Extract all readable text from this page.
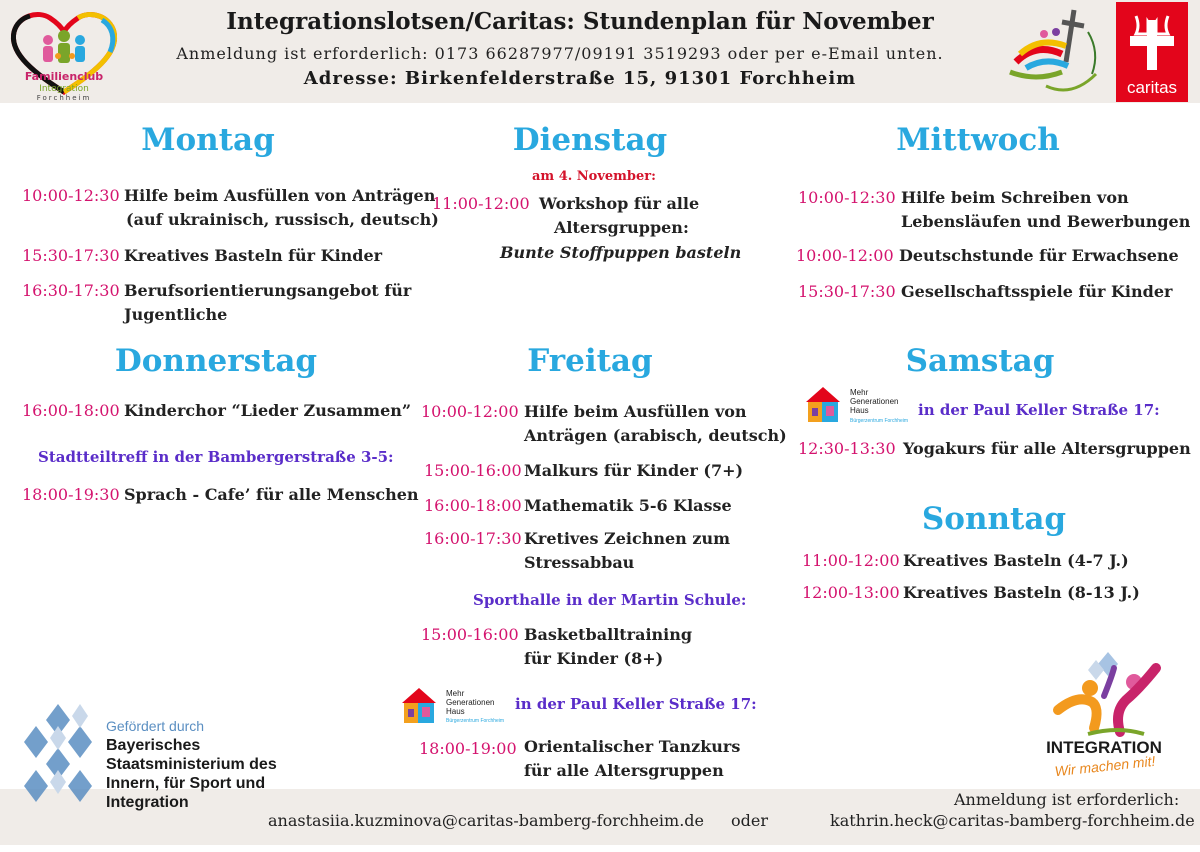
Familienclub
Integration
Forchheim
Integrationslotsen/Caritas: Stundenplan für November
Anmeldung ist erforderlich: 0173 66287977/09191 3519293 oder per e-Email unten.
Adresse: Birkenfelderstraße 15, 91301 Forchheim	caritas
Montag
10:00-12:30 Hilfe beim Ausfüllen von Anträgen
(auf ukrainisch, russisch, deutsch)
15:30-17:30 Kreatives Basteln für Kinder
16:30-17:30 Berufsorientierungsangebot für
Jugentliche
Dienstag
am 4. November:
11:00-12:00 Workshop für alle
Altersgruppen:
Bunte Stoffpuppen basteln
Mittwoch
10:00-12:30 Hilfe beim Schreiben von
Lebensläufen und Bewerbungen
10:00-12:00 Deutschstunde für Erwachsene
15:30-17:30 Gesellschaftsspiele für Kinder
Donnerstag
16:00-18:00 Kinderchor “Lieder Zusammen”
Stadtteiltreff in der Bambergerstraße 3-5:
18:00-19:30 Sprach - Cafe’ für alle Menschen
Freitag
10:00-12:00 Hilfe beim Ausfüllen von
Anträgen (arabisch, deutsch)
15:00-16:00 Malkurs für Kinder (7+)
16:00-18:00 Mathematik 5-6 Klasse
16:00-17:30 Kretives Zeichnen zum
Stressabbau
Sporthalle in der Martin Schule:
15:00-16:00 Basketballtraining
für Kinder (8+)
Mehr
Generationen
Haus
Bürgerzentrum Forchheim
in der Paul Keller Straße 17:
18:00-19:00 Orientalischer Tanzkurs
für alle Altersgruppen
Samstag
Mehr
Generationen
Haus
Bürgerzentrum Forchheim
in der Paul Keller Straße 17:
12:30-13:30 Yogakurs für alle Altersgruppen
Sonntag
11:00-12:00 Kreatives Basteln (4-7 J.)
12:00-13:00 Kreatives Basteln (8-13 J.)
Gefördert durch
Bayerisches Staatsministerium des Innern, für Sport und Integration
INTEGRATION
Wir machen mit!
Anmeldung ist erforderlich:
anastasiia.kuzminova@caritas-bamberg-forchheim.de oder	kathrin.heck@caritas-bamberg-forchheim.de
